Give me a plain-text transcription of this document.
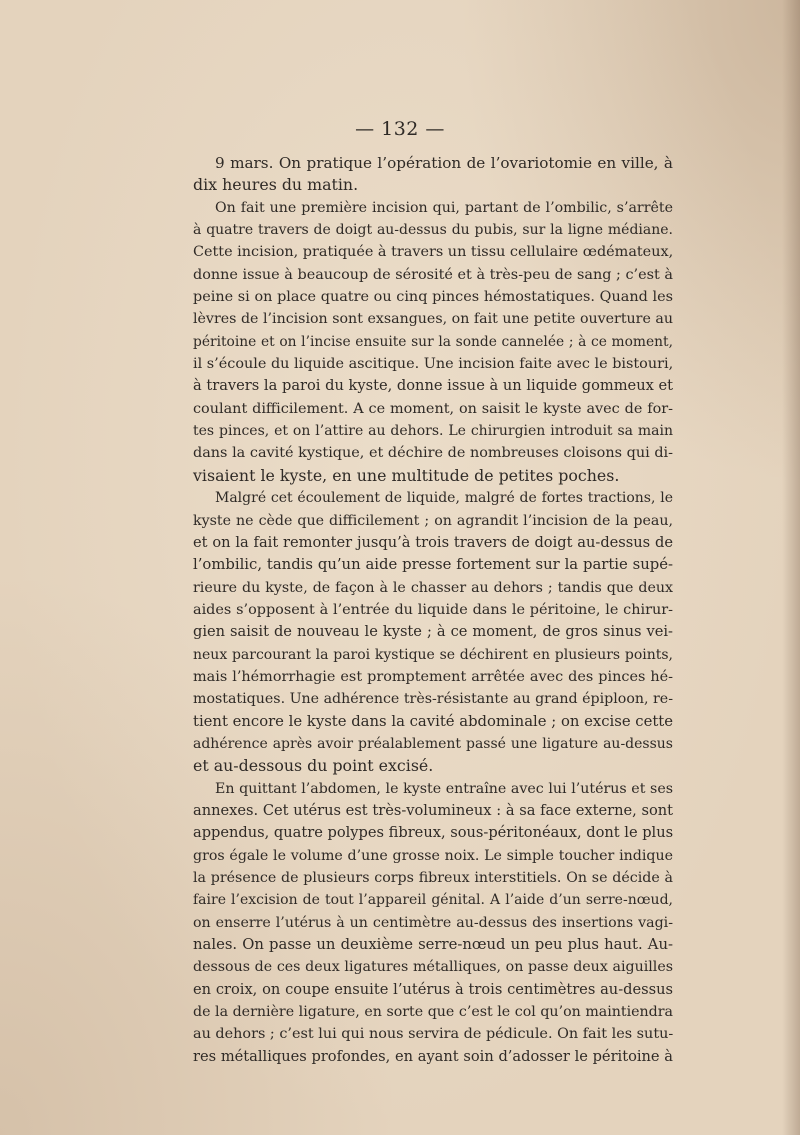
— 132 —
9 mars. On pratique l’opération de l’ovariotomie en ville, à
dix heures du matin.
On fait une première incision qui, partant de l’ombilic, s’arrête
à quatre travers de doigt au-dessus du pubis, sur la ligne médiane.
Cette incision, pratiquée à travers un tissu cellulaire œdémateux,
donne issue à beaucoup de sérosité et à très-peu de sang ; c’est à
peine si on place quatre ou cinq pinces hémostatiques. Quand les
lèvres de l’incision sont exsangues, on fait une petite ouverture au
péritoine et on l’incise ensuite sur la sonde cannelée ; à ce moment,
il s’écoule du liquide ascitique. Une incision faite avec le bistouri,
à travers la paroi du kyste, donne issue à un liquide gommeux et
coulant difficilement. A ce moment, on saisit le kyste avec de for-
tes pinces, et on l’attire au dehors. Le chirurgien introduit sa main
dans la cavité kystique, et déchire de nombreuses cloisons qui di-
visaient le kyste, en une multitude de petites poches.
Malgré cet écoulement de liquide, malgré de fortes tractions, le
kyste ne cède que difficilement ; on agrandit l’incision de la peau,
et on la fait remonter jusqu’à trois travers de doigt au-dessus de
l’ombilic, tandis qu’un aide presse fortement sur la partie supé-
rieure du kyste, de façon à le chasser au dehors ; tandis que deux
aides s’opposent à l’entrée du liquide dans le péritoine, le chirur-
gien saisit de nouveau le kyste ; à ce moment, de gros sinus vei-
neux parcourant la paroi kystique se déchirent en plusieurs points,
mais l’hémorrhagie est promptement arrêtée avec des pinces hé-
mostatiques. Une adhérence très-résistante au grand épiploon, re-
tient encore le kyste dans la cavité abdominale ; on excise cette
adhérence après avoir préalablement passé une ligature au-dessus
et au-dessous du point excisé.
En quittant l’abdomen, le kyste entraîne avec lui l’utérus et ses
annexes. Cet utérus est très-volumineux : à sa face externe, sont
appendus, quatre polypes fibreux, sous-péritonéaux, dont le plus
gros égale le volume d’une grosse noix. Le simple toucher indique
la présence de plusieurs corps fibreux interstitiels. On se décide à
faire l’excision de tout l’appareil génital. A l’aide d’un serre-nœud,
on enserre l’utérus à un centimètre au-dessus des insertions vagi-
nales. On passe un deuxième serre-nœud un peu plus haut. Au-
dessous de ces deux ligatures métalliques, on passe deux aiguilles
en croix, on coupe ensuite l’utérus à trois centimètres au-dessus
de la dernière ligature, en sorte que c’est le col qu’on maintiendra
au dehors ; c’est lui qui nous servira de pédicule. On fait les sutu-
res métalliques profondes, en ayant soin d’adosser le péritoine à
